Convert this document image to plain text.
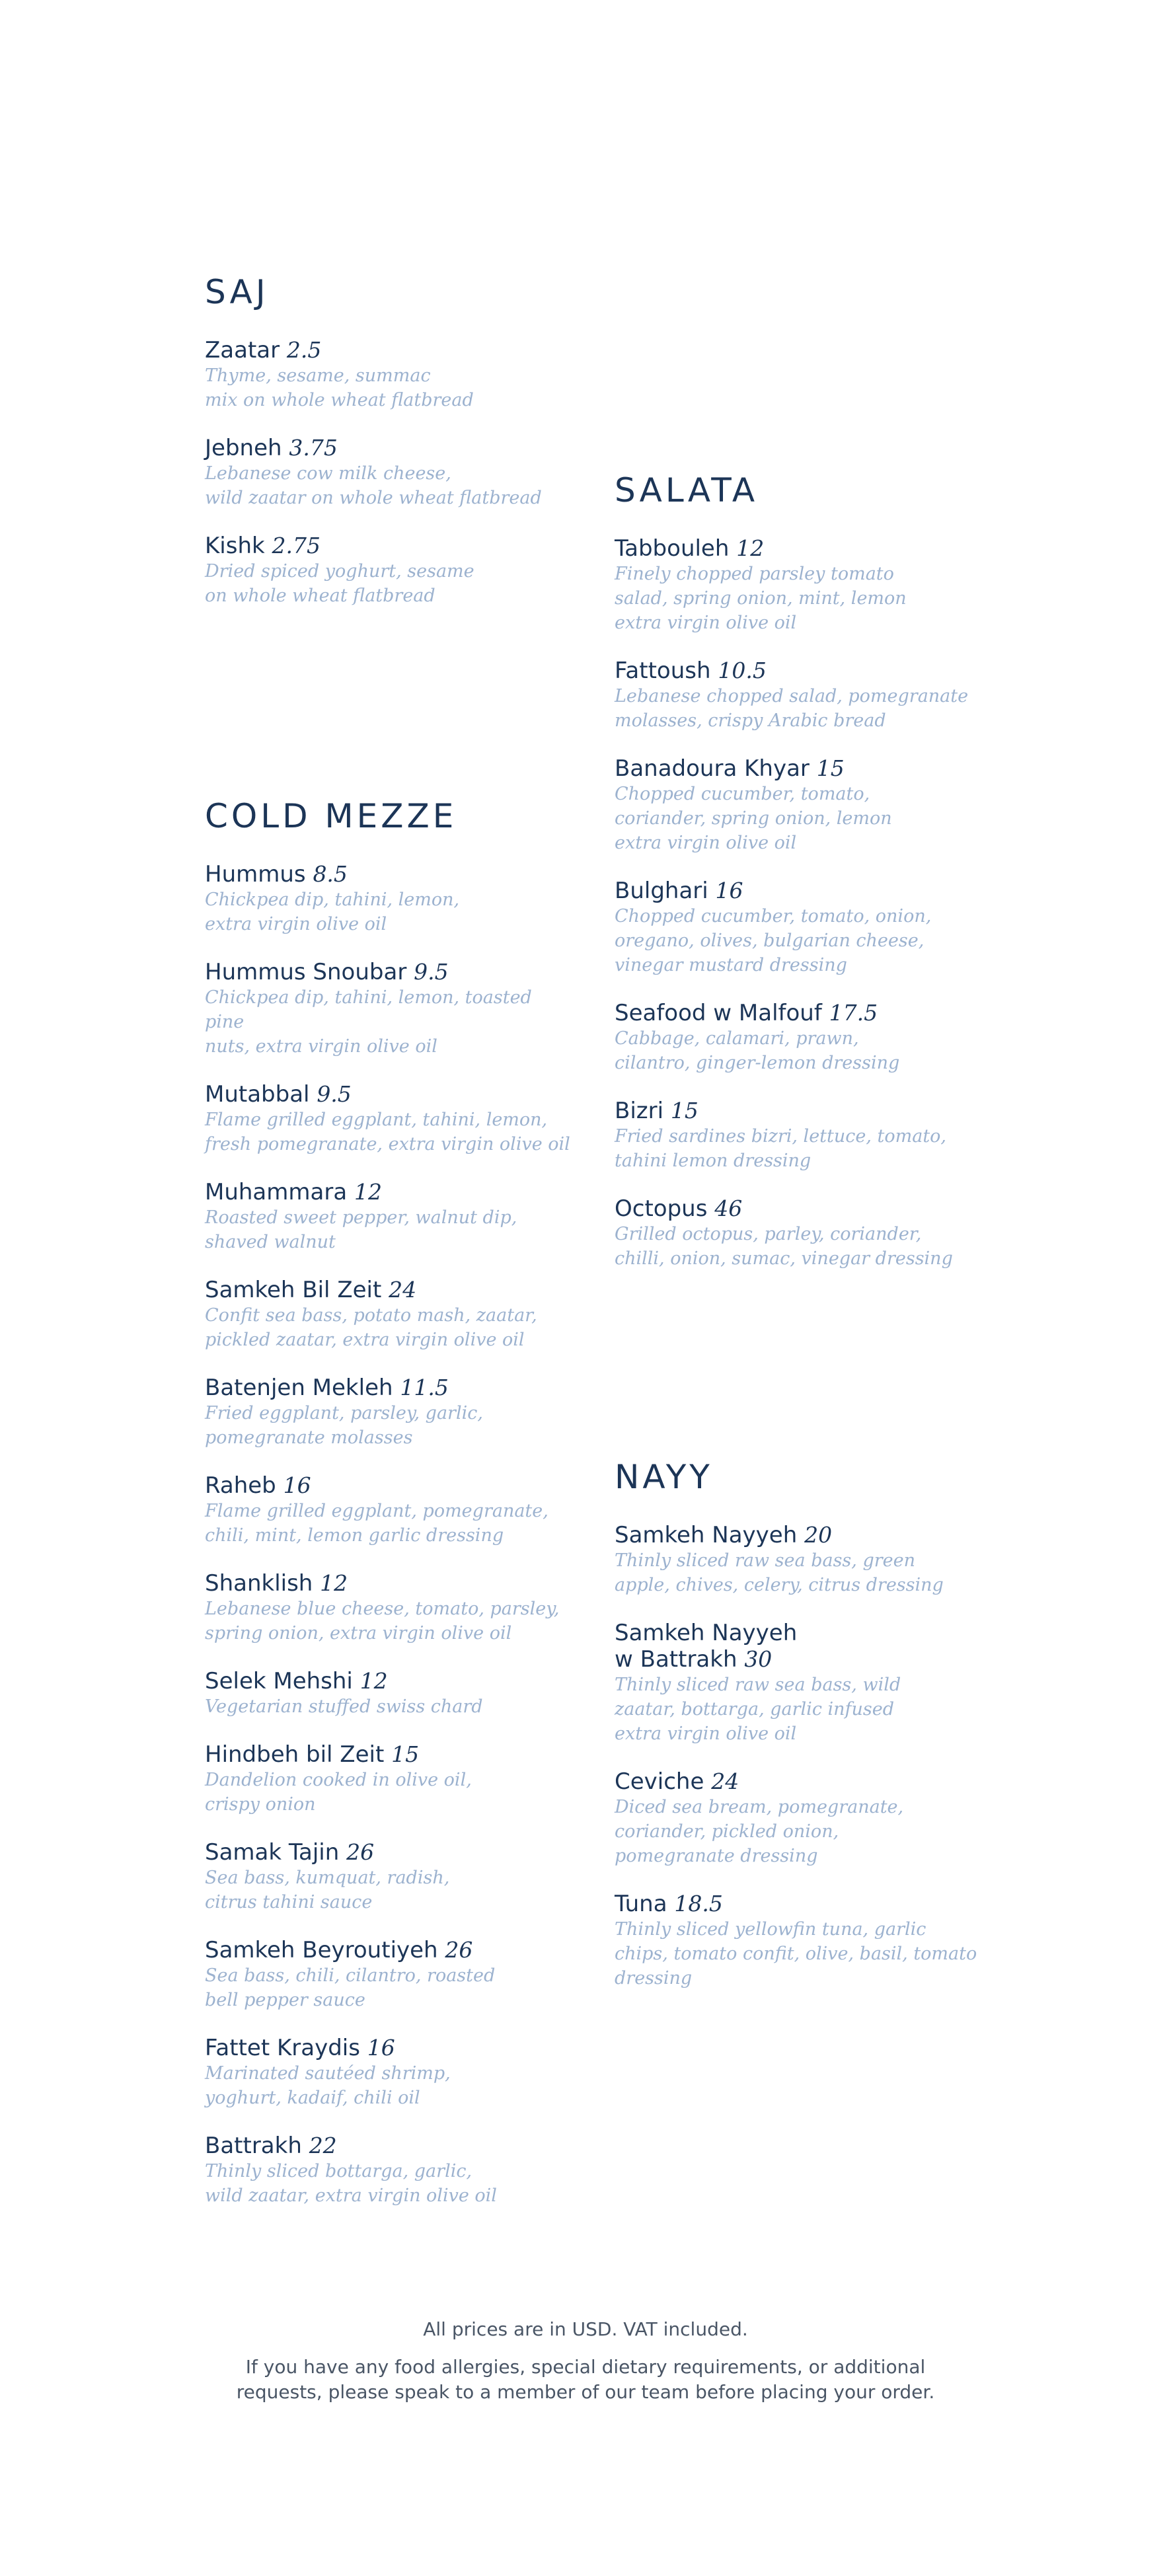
SAJ

Zaatar 2.5

Thyme, sesame, summac
mix on whole wheat flatbread

Jebneh 3.75

Lebanese cow milk cheese,
wild zaatar on whole wheat flatbread

Kishk 2.75

Dried spiced yoghurt, sesame
on whole wheat flatbread

COLD MEZZE

Hummus 8.5

Chickpea dip, tahini, lemon,
extra virgin olive oil

Hummus Snoubar 9.5

Chickpea dip, tahini, lemon, toasted pine
nuts, extra virgin olive oil

Mutabbal 9.5

Flame grilled eggplant, tahini, lemon,
fresh pomegranate, extra virgin olive oil

Muhammara 12

Roasted sweet pepper, walnut dip,
shaved walnut

Samkeh Bil Zeit 24

Confit sea bass, potato mash, zaatar,
pickled zaatar, extra virgin olive oil

Batenjen Mekleh 11.5

Fried eggplant, parsley, garlic,
pomegranate molasses

Raheb 16

Flame grilled eggplant, pomegranate,
chili, mint, lemon garlic dressing

Shanklish 12

Lebanese blue cheese, tomato, parsley,
spring onion, extra virgin olive oil

Selek Mehshi 12

Vegetarian stuffed swiss chard

Hindbeh bil Zeit 15

Dandelion cooked in olive oil,
crispy onion

Samak Tajin 26

Sea bass, kumquat, radish,
citrus tahini sauce

Samkeh Beyroutiyeh 26

Sea bass, chili, cilantro, roasted
bell pepper sauce

Fattet Kraydis 16

Marinated sautéed shrimp,
yoghurt, kadaif, chili oil

Battrakh 22

Thinly sliced bottarga, garlic,
wild zaatar, extra virgin olive oil

SALATA

Tabbouleh 12

Finely chopped parsley tomato
salad, spring onion, mint, lemon
extra virgin olive oil

Fattoush 10.5

Lebanese chopped salad, pomegranate
molasses, crispy Arabic bread

Banadoura Khyar 15

Chopped cucumber, tomato,
coriander, spring onion, lemon
extra virgin olive oil

Bulghari 16

Chopped cucumber, tomato, onion,
oregano, olives, bulgarian cheese,
vinegar mustard dressing

Seafood w Malfouf 17.5

Cabbage, calamari, prawn,
cilantro, ginger-lemon dressing

Bizri 15

Fried sardines bizri, lettuce, tomato,
tahini lemon dressing

Octopus 46

Grilled octopus, parley, coriander,
chilli, onion, sumac, vinegar dressing

NAYY

Samkeh Nayyeh 20

Thinly sliced raw sea bass, green
apple, chives, celery, citrus dressing

Samkeh Nayyeh
w Battrakh 30

Thinly sliced raw sea bass, wild
zaatar, bottarga, garlic infused
extra virgin olive oil

Ceviche 24

Diced sea bream, pomegranate,
coriander, pickled onion,
pomegranate dressing

Tuna 18.5

Thinly sliced yellowfin tuna, garlic
chips, tomato confit, olive, basil, tomato
dressing

All prices are in USD. VAT included.

If you have any food allergies, special dietary requirements, or additional requests, please speak to a member of our team before placing your order.
